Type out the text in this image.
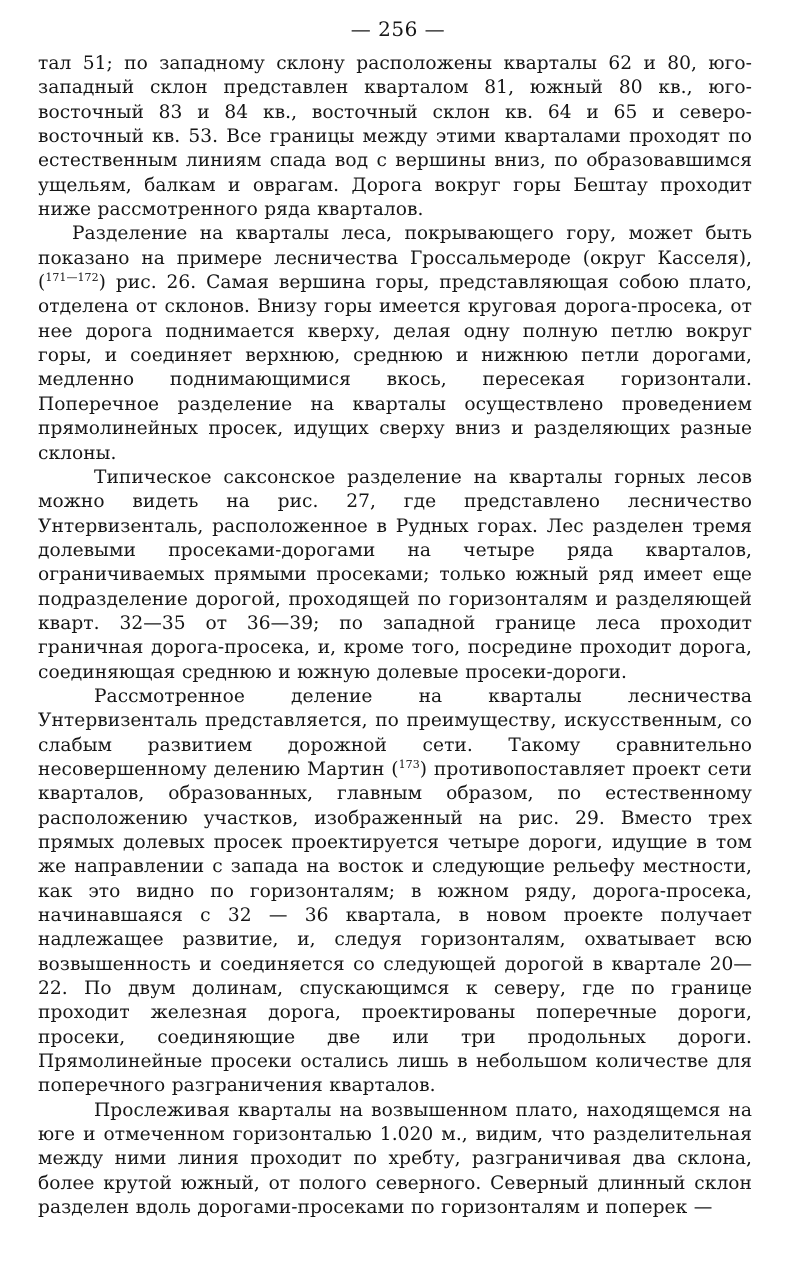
— 256 —

тал 51; по западному склону расположены кварталы 62 и 80, юго-западный склон представлен кварталом 81, южный 80 кв., юго-восточный 83 и 84 кв., восточный склон кв. 64 и 65 и северо-восточный кв. 53. Все границы между этими кварталами проходят по естественным линиям спада вод с вершины вниз, по образовавшимся ущельям, балкам и оврагам. Дорога вокруг горы Бештау проходит ниже рассмотренного ряда кварталов.

Разделение на кварталы леса, покрывающего гору, может быть показано на примере лесничества Гроссальмероде (округ Касселя), ($^{171—172}$) рис. 26. Самая вершина горы, представляющая собою плато, отделена от склонов. Внизу горы имеется круговая дорога-просека, от нее дорога поднимается кверху, делая одну полную петлю вокруг горы, и соединяет верхнюю, среднюю и нижнюю петли дорогами, медленно поднимающимися вкось, пересекая горизонтали. Поперечное разделение на кварталы осуществлено проведением прямолинейных просек, идущих сверху вниз и разделяющих разные склоны.

Типическое саксонское разделение на кварталы горных лесов можно видеть на рис. 27, где представлено лесничество Унтервизенталь, расположенное в Рудных горах. Лес разделен тремя долевыми просеками-дорогами на четыре ряда кварталов, ограничиваемых прямыми просеками; только южный ряд имеет еще подразделение дорогой, проходящей по горизонталям и разделяющей кварт. 32—35 от 36—39; по западной границе леса проходит граничная дорога-просека, и, кроме того, посредине проходит дорога, соединяющая среднюю и южную долевые просеки-дороги.

Рассмотренное деление на кварталы лесничества Унтервизенталь представляется, по преимуществу, искусственным, со слабым развитием дорожной сети. Такому сравнительно несовершенному делению Мартин ($^{173}$) противопоставляет проект сети кварталов, образованных, главным образом, по естественному расположению участков, изображенный на рис. 29. Вместо трех прямых долевых просек проектируется четыре дороги, идущие в том же направлении с запада на восток и следующие рельефу местности, как это видно по горизонталям; в южном ряду, дорога-просека, начинавшаяся с 32 — 36 квартала, в новом проекте получает надлежащее развитие, и, следуя горизонталям, охватывает всю возвышенность и соединяется со следующей дорогой в квартале 20—22. По двум долинам, спускающимся к северу, где по границе проходит железная дорога, проектированы поперечные дороги, просеки, соединяющие две или три продольных дороги. Прямолинейные просеки остались лишь в небольшом количестве для поперечного разграничения кварталов.

Прослеживая кварталы на возвышенном плато, находящемся на юге и отмеченном горизонталью 1.020 м., видим, что разделительная между ними линия проходит по хребту, разграничивая два склона, более крутой южный, от полого северного. Северный длинный склон разделен вдоль дорогами-просеками по горизонталям и поперек —
